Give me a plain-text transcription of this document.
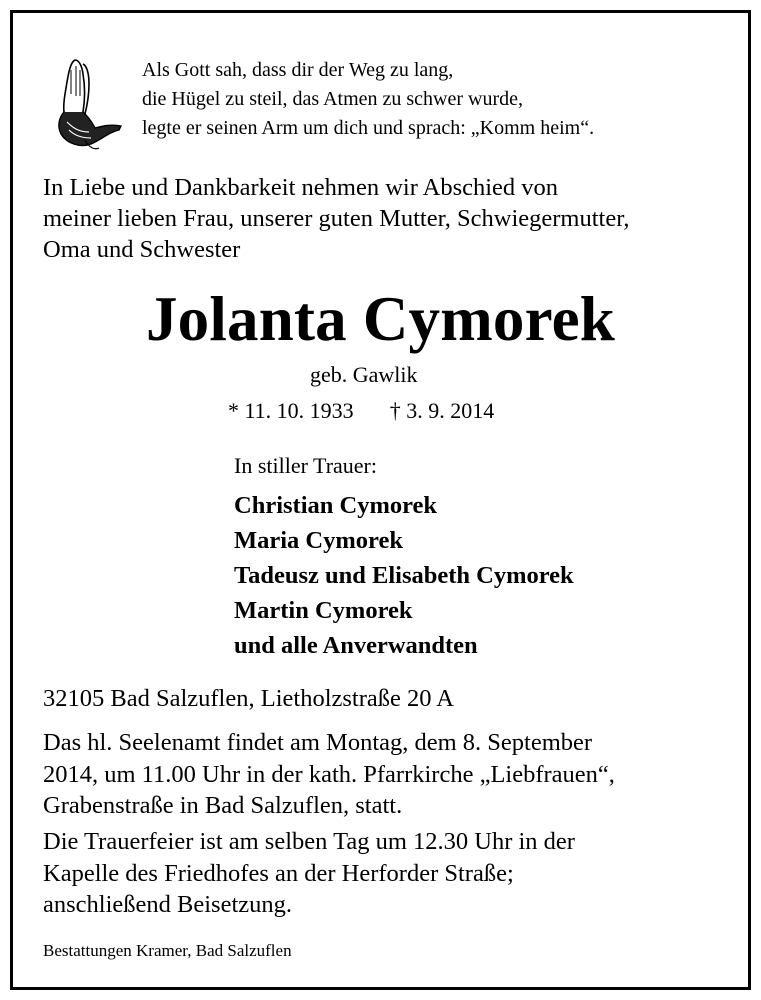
Als Gott sah, dass dir der Weg zu lang,
die Hügel zu steil, das Atmen zu schwer wurde,
legte er seinen Arm um dich und sprach: „Komm heim“.
In Liebe und Dankbarkeit nehmen wir Abschied von
meiner lieben Frau, unserer guten Mutter, Schwiegermutter,
Oma und Schwester
Jolanta Cymorek
geb. Gawlik
* 11. 10. 1933 † 3. 9. 2014
In stiller Trauer:
Christian Cymorek
Maria Cymorek
Tadeusz und Elisabeth Cymorek
Martin Cymorek
und alle Anverwandten
32105 Bad Salzuflen, Lietholzstraße 20 A
Das hl. Seelenamt findet am Montag, dem 8. September
2014, um 11.00 Uhr in der kath. Pfarrkirche „Liebfrauen“,
Grabenstraße in Bad Salzuflen, statt.
Die Trauerfeier ist am selben Tag um 12.30 Uhr in der
Kapelle des Friedhofes an der Herforder Straße;
anschließend Beisetzung.
Bestattungen Kramer, Bad Salzuflen
